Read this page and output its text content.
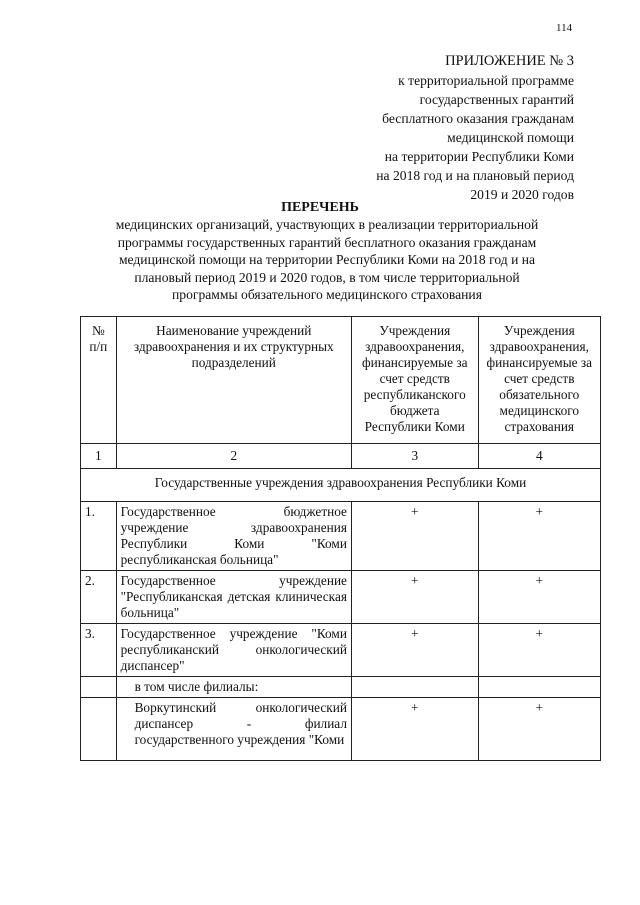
114
ПРИЛОЖЕНИЕ № 3
к территориальной программе
государственных гарантий
бесплатного оказания гражданам
медицинской помощи
на территории Республики Коми
на 2018 год и на плановый период
2019 и 2020 годов
ПЕРЕЧЕНЬ
медицинских организаций, участвующих в реализации территориальной
программы государственных гарантий бесплатного оказания гражданам
медицинской помощи на территории Республики Коми на 2018 год и на
плановый период 2019 и 2020 годов, в том числе территориальной
программы обязательного медицинского страхования
№ п/п	Наименование учреждений здравоохранения и их структурных подразделений	Учреждения здравоохранения, финансируемые за счет средств республиканского бюджета Республики Коми	Учреждения здравоохранения, финансируемые за счет средств обязательного медицинского страхования
1	2	3	4
Государственные учреждения здравоохранения Республики Коми			
1.	Государственное бюджетное учреждение здравоохранения Республики Коми "Коми республиканская больница"	+	+
2.	Государственное учреждение "Республиканская детская клиническая больница"	+	+
3.	Государственное учреждение "Коми республиканский онкологический диспансер"	+	+
	в том числе филиалы:		
	Воркутинский онкологический диспансер - филиал государственного учреждения "Коми	+	+
